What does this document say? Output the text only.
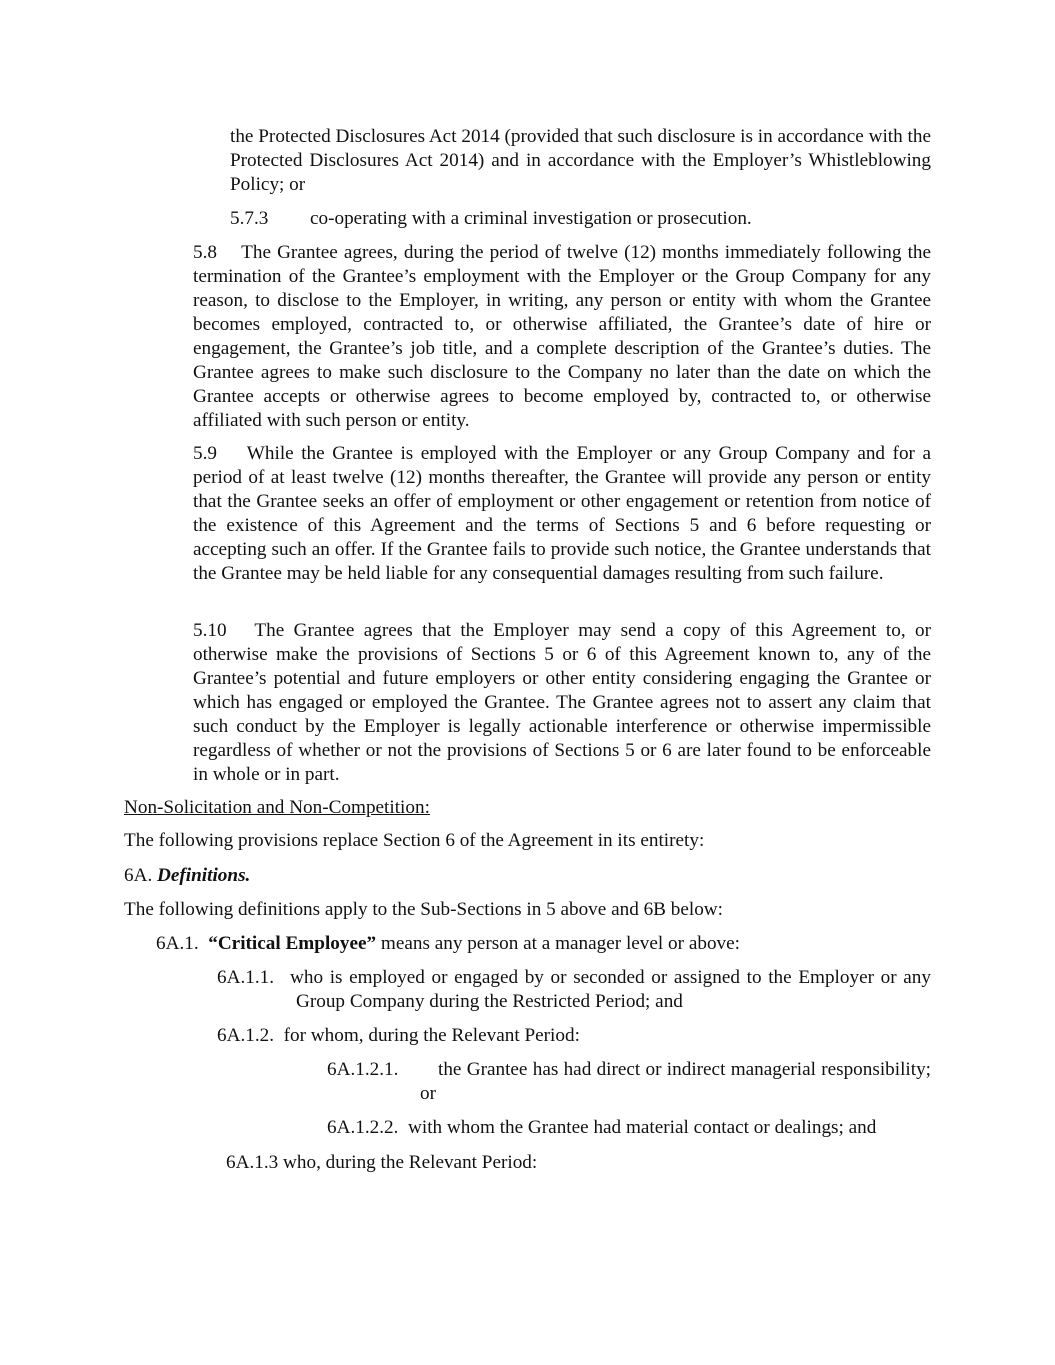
the Protected Disclosures Act 2014 (provided that such disclosure is in accordance with the Protected Disclosures Act 2014) and in accordance with the Employer’s Whistleblowing Policy; or

5.7.3 co-operating with a criminal investigation or prosecution.

5.8 The Grantee agrees, during the period of twelve (12) months immediately following the termination of the Grantee’s employment with the Employer or the Group Company for any reason, to disclose to the Employer, in writing, any person or entity with whom the Grantee becomes employed, contracted to, or otherwise affiliated, the Grantee’s date of hire or engagement, the Grantee’s job title, and a complete description of the Grantee’s duties. The Grantee agrees to make such disclosure to the Company no later than the date on which the Grantee accepts or otherwise agrees to become employed by, contracted to, or otherwise affiliated with such person or entity.

5.9 While the Grantee is employed with the Employer or any Group Company and for a period of at least twelve (12) months thereafter, the Grantee will provide any person or entity that the Grantee seeks an offer of employment or other engagement or retention from notice of the existence of this Agreement and the terms of Sections 5 and 6 before requesting or accepting such an offer. If the Grantee fails to provide such notice, the Grantee understands that the Grantee may be held liable for any consequential damages resulting from such failure.

5.10 The Grantee agrees that the Employer may send a copy of this Agreement to, or otherwise make the provisions of Sections 5 or 6 of this Agreement known to, any of the Grantee’s potential and future employers or other entity considering engaging the Grantee or which has engaged or employed the Grantee. The Grantee agrees not to assert any claim that such conduct by the Employer is legally actionable interference or otherwise impermissible regardless of whether or not the provisions of Sections 5 or 6 are later found to be enforceable in whole or in part.

Non-Solicitation and Non-Competition:

The following provisions replace Section 6 of the Agreement in its entirety:

6A. Definitions.

The following definitions apply to the Sub-Sections in 5 above and 6B below:

6A.1. “Critical Employee” means any person at a manager level or above:

6A.1.1. who is employed or engaged by or seconded or assigned to the Employer or any Group Company during the Restricted Period; and

6A.1.2. for whom, during the Relevant Period:

6A.1.2.1.	the Grantee has had direct or indirect managerial responsibility; or

6A.1.2.2. with whom the Grantee had material contact or dealings; and

6A.1.3 who, during the Relevant Period:
